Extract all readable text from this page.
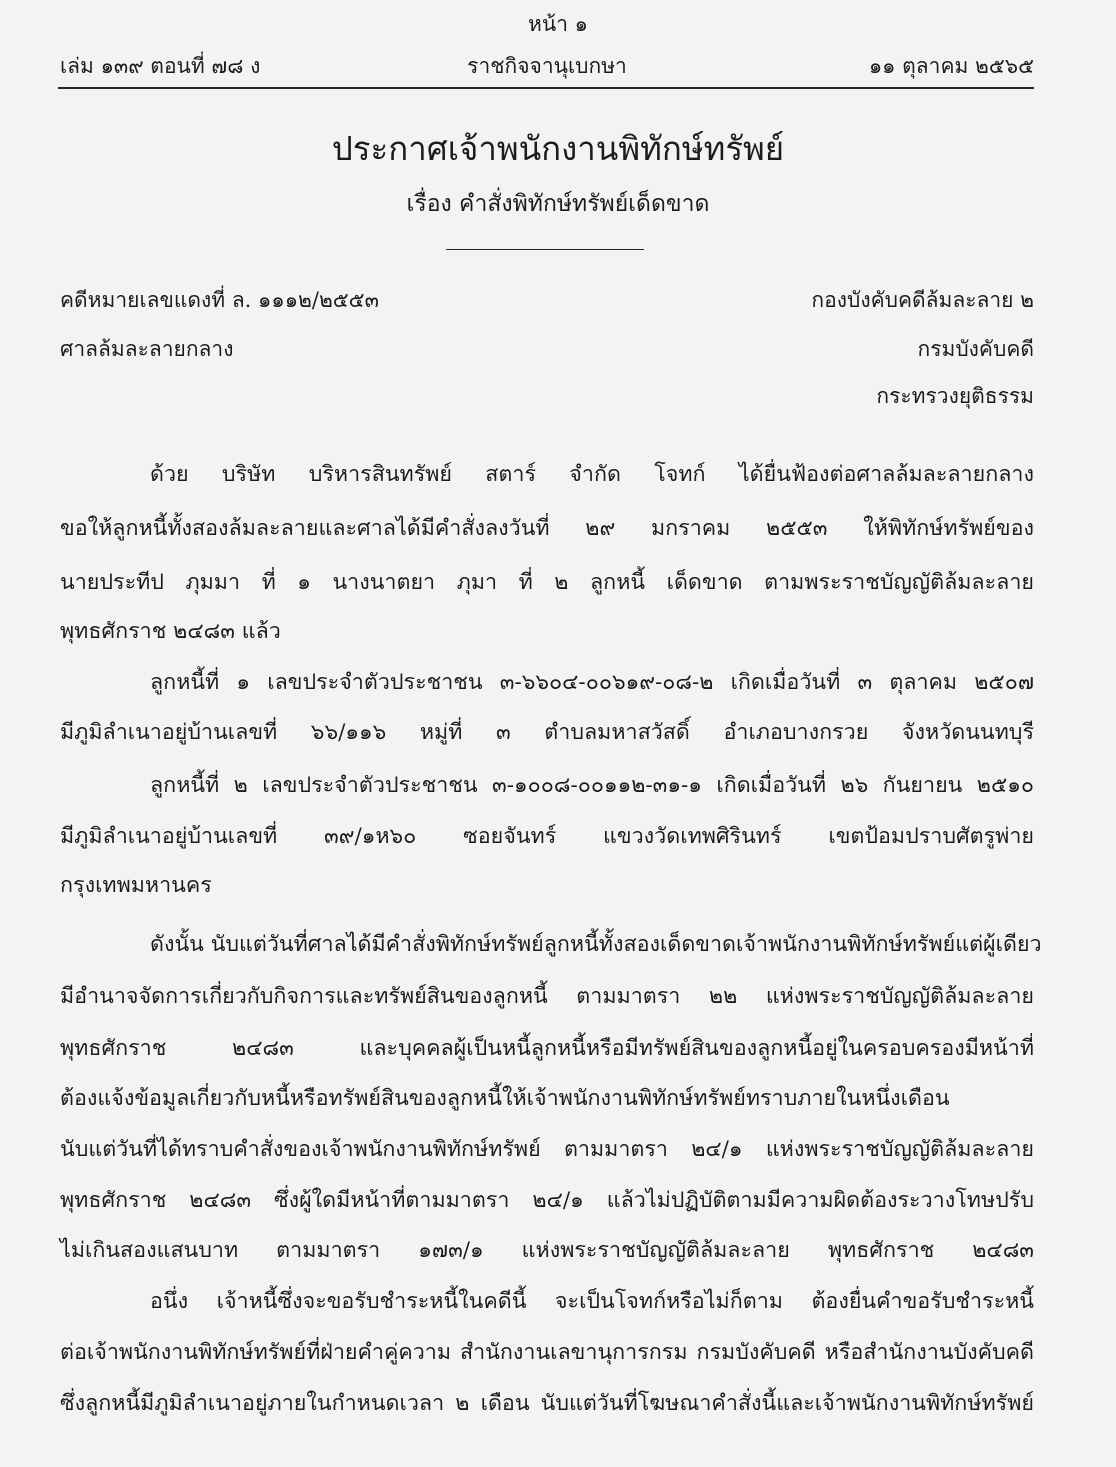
หน้า ๑
ราชกิจจานุเบกษา
เล่ม ๑๓๙ ตอนที่ ๗๘ ง	๑๑ ตุลาคม ๒๕๖๕
ประกาศเจ้าพนักงานพิทักษ์ทรัพย์
เรื่อง คำสั่งพิทักษ์ทรัพย์เด็ดขาด
คดีหมายเลขแดงที่ ล. ๑๑๑๒/๒๕๕๓
ศาลล้มละลายกลาง
กองบังคับคดีล้มละลาย ๒
กรมบังคับคดี
กระทรวงยุติธรรม
ด้วย บริษัท บริหารสินทรัพย์ สตาร์ จำกัด โจทก์ ได้ยื่นฟ้องต่อศาลล้มละลายกลาง
ขอให้ลูกหนี้ทั้งสองล้มละลายและศาลได้มีคำสั่งลงวันที่ ๒๙ มกราคม ๒๕๕๓ ให้พิทักษ์ทรัพย์ของ
นายประทีป ภุมมา ที่ ๑ นางนาตยา ภุมา ที่ ๒ ลูกหนี้ เด็ดขาด ตามพระราชบัญญัติล้มละลาย
พุทธศักราช ๒๔๘๓ แล้ว
ลูกหนี้ที่ ๑ เลขประจำตัวประชาชน ๓-๖๖๐๔-๐๐๖๑๙-๐๘-๒ เกิดเมื่อวันที่ ๓ ตุลาคม ๒๕๐๗
มีภูมิลำเนาอยู่บ้านเลขที่ ๖๖/๑๑๖ หมู่ที่ ๓ ตำบลมหาสวัสดิ์ อำเภอบางกรวย จังหวัดนนทบุรี
ลูกหนี้ที่ ๒ เลขประจำตัวประชาชน ๓-๑๐๐๘-๐๐๑๑๒-๓๑-๑ เกิดเมื่อวันที่ ๒๖ กันยายน ๒๕๑๐
มีภูมิลำเนาอยู่บ้านเลขที่ ๓๙/๑ห๖๐ ซอยจันทร์ แขวงวัดเทพศิรินทร์ เขตป้อมปราบศัตรูพ่าย
กรุงเทพมหานคร
ดังนั้น นับแต่วันที่ศาลได้มีคำสั่งพิทักษ์ทรัพย์ลูกหนี้ทั้งสองเด็ดขาดเจ้าพนักงานพิทักษ์ทรัพย์แต่ผู้เดียว
มีอำนาจจัดการเกี่ยวกับกิจการและทรัพย์สินของลูกหนี้ ตามมาตรา ๒๒ แห่งพระราชบัญญัติล้มละลาย
พุทธศักราช ๒๔๘๓ และบุคคลผู้เป็นหนี้ลูกหนี้หรือมีทรัพย์สินของลูกหนี้อยู่ในครอบครองมีหน้าที่
ต้องแจ้งข้อมูลเกี่ยวกับหนี้หรือทรัพย์สินของลูกหนี้ให้เจ้าพนักงานพิทักษ์ทรัพย์ทราบภายในหนึ่งเดือน
นับแต่วันที่ได้ทราบคำสั่งของเจ้าพนักงานพิทักษ์ทรัพย์ ตามมาตรา ๒๔/๑ แห่งพระราชบัญญัติล้มละลาย
พุทธศักราช ๒๔๘๓ ซึ่งผู้ใดมีหน้าที่ตามมาตรา ๒๔/๑ แล้วไม่ปฏิบัติตามมีความผิดต้องระวางโทษปรับ
ไม่เกินสองแสนบาท ตามมาตรา ๑๗๓/๑ แห่งพระราชบัญญัติล้มละลาย พุทธศักราช ๒๔๘๓
อนึ่ง เจ้าหนี้ซึ่งจะขอรับชำระหนี้ในคดีนี้ จะเป็นโจทก์หรือไม่ก็ตาม ต้องยื่นคำขอรับชำระหนี้
ต่อเจ้าพนักงานพิทักษ์ทรัพย์ที่ฝ่ายคำคู่ความ สำนักงานเลขานุการกรม กรมบังคับคดี หรือสำนักงานบังคับคดี
ซึ่งลูกหนี้มีภูมิลำเนาอยู่ภายในกำหนดเวลา ๒ เดือน นับแต่วันที่โฆษณาคำสั่งนี้และเจ้าพนักงานพิทักษ์ทรัพย์
